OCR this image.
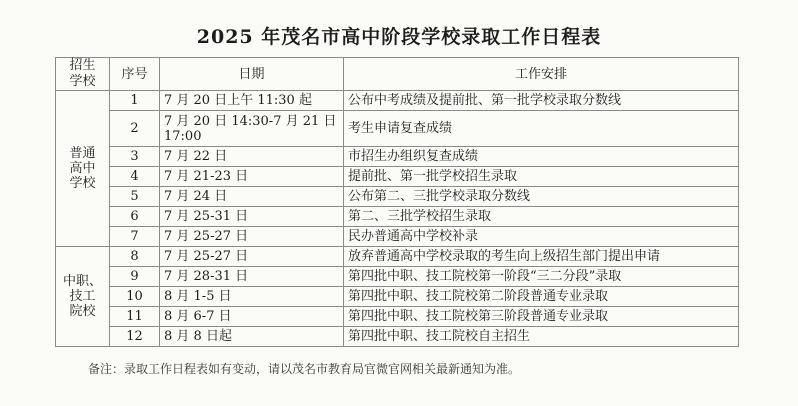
2025 年茂名市高中阶段学校录取工作日程表
招生
学校	序号	日期	工作安排
普通
高中
学校	1	7 月 20 日上午 11:30 起	公布中考成绩及提前批、第一批学校录取分数线
	2	7 月 20 日 14:30-7 月 21 日 17:00	考生申请复查成绩
	3	7 月 22 日	市招生办组织复查成绩
	4	7 月 21-23 日	提前批、第一批学校招生录取
	5	7 月 24 日	公布第二、三批学校录取分数线
	6	7 月 25-31 日	第二、三批学校招生录取
	7	7 月 25-27 日	民办普通高中学校补录
中职、
技工
院校	8	7 月 25-27 日	放弃普通高中学校录取的考生向上级招生部门提出申请
	9	7 月 28-31 日	第四批中职、技工院校第一阶段“三二分段”录取
	10	8 月 1-5 日	第四批中职、技工院校第二阶段普通专业录取
	11	8 月 6-7 日	第四批中职、技工院校第三阶段普通专业录取
	12	8 月 8 日起	第四批中职、技工院校自主招生
备注：录取工作日程表如有变动，请以茂名市教育局官微官网相关最新通知为准。
